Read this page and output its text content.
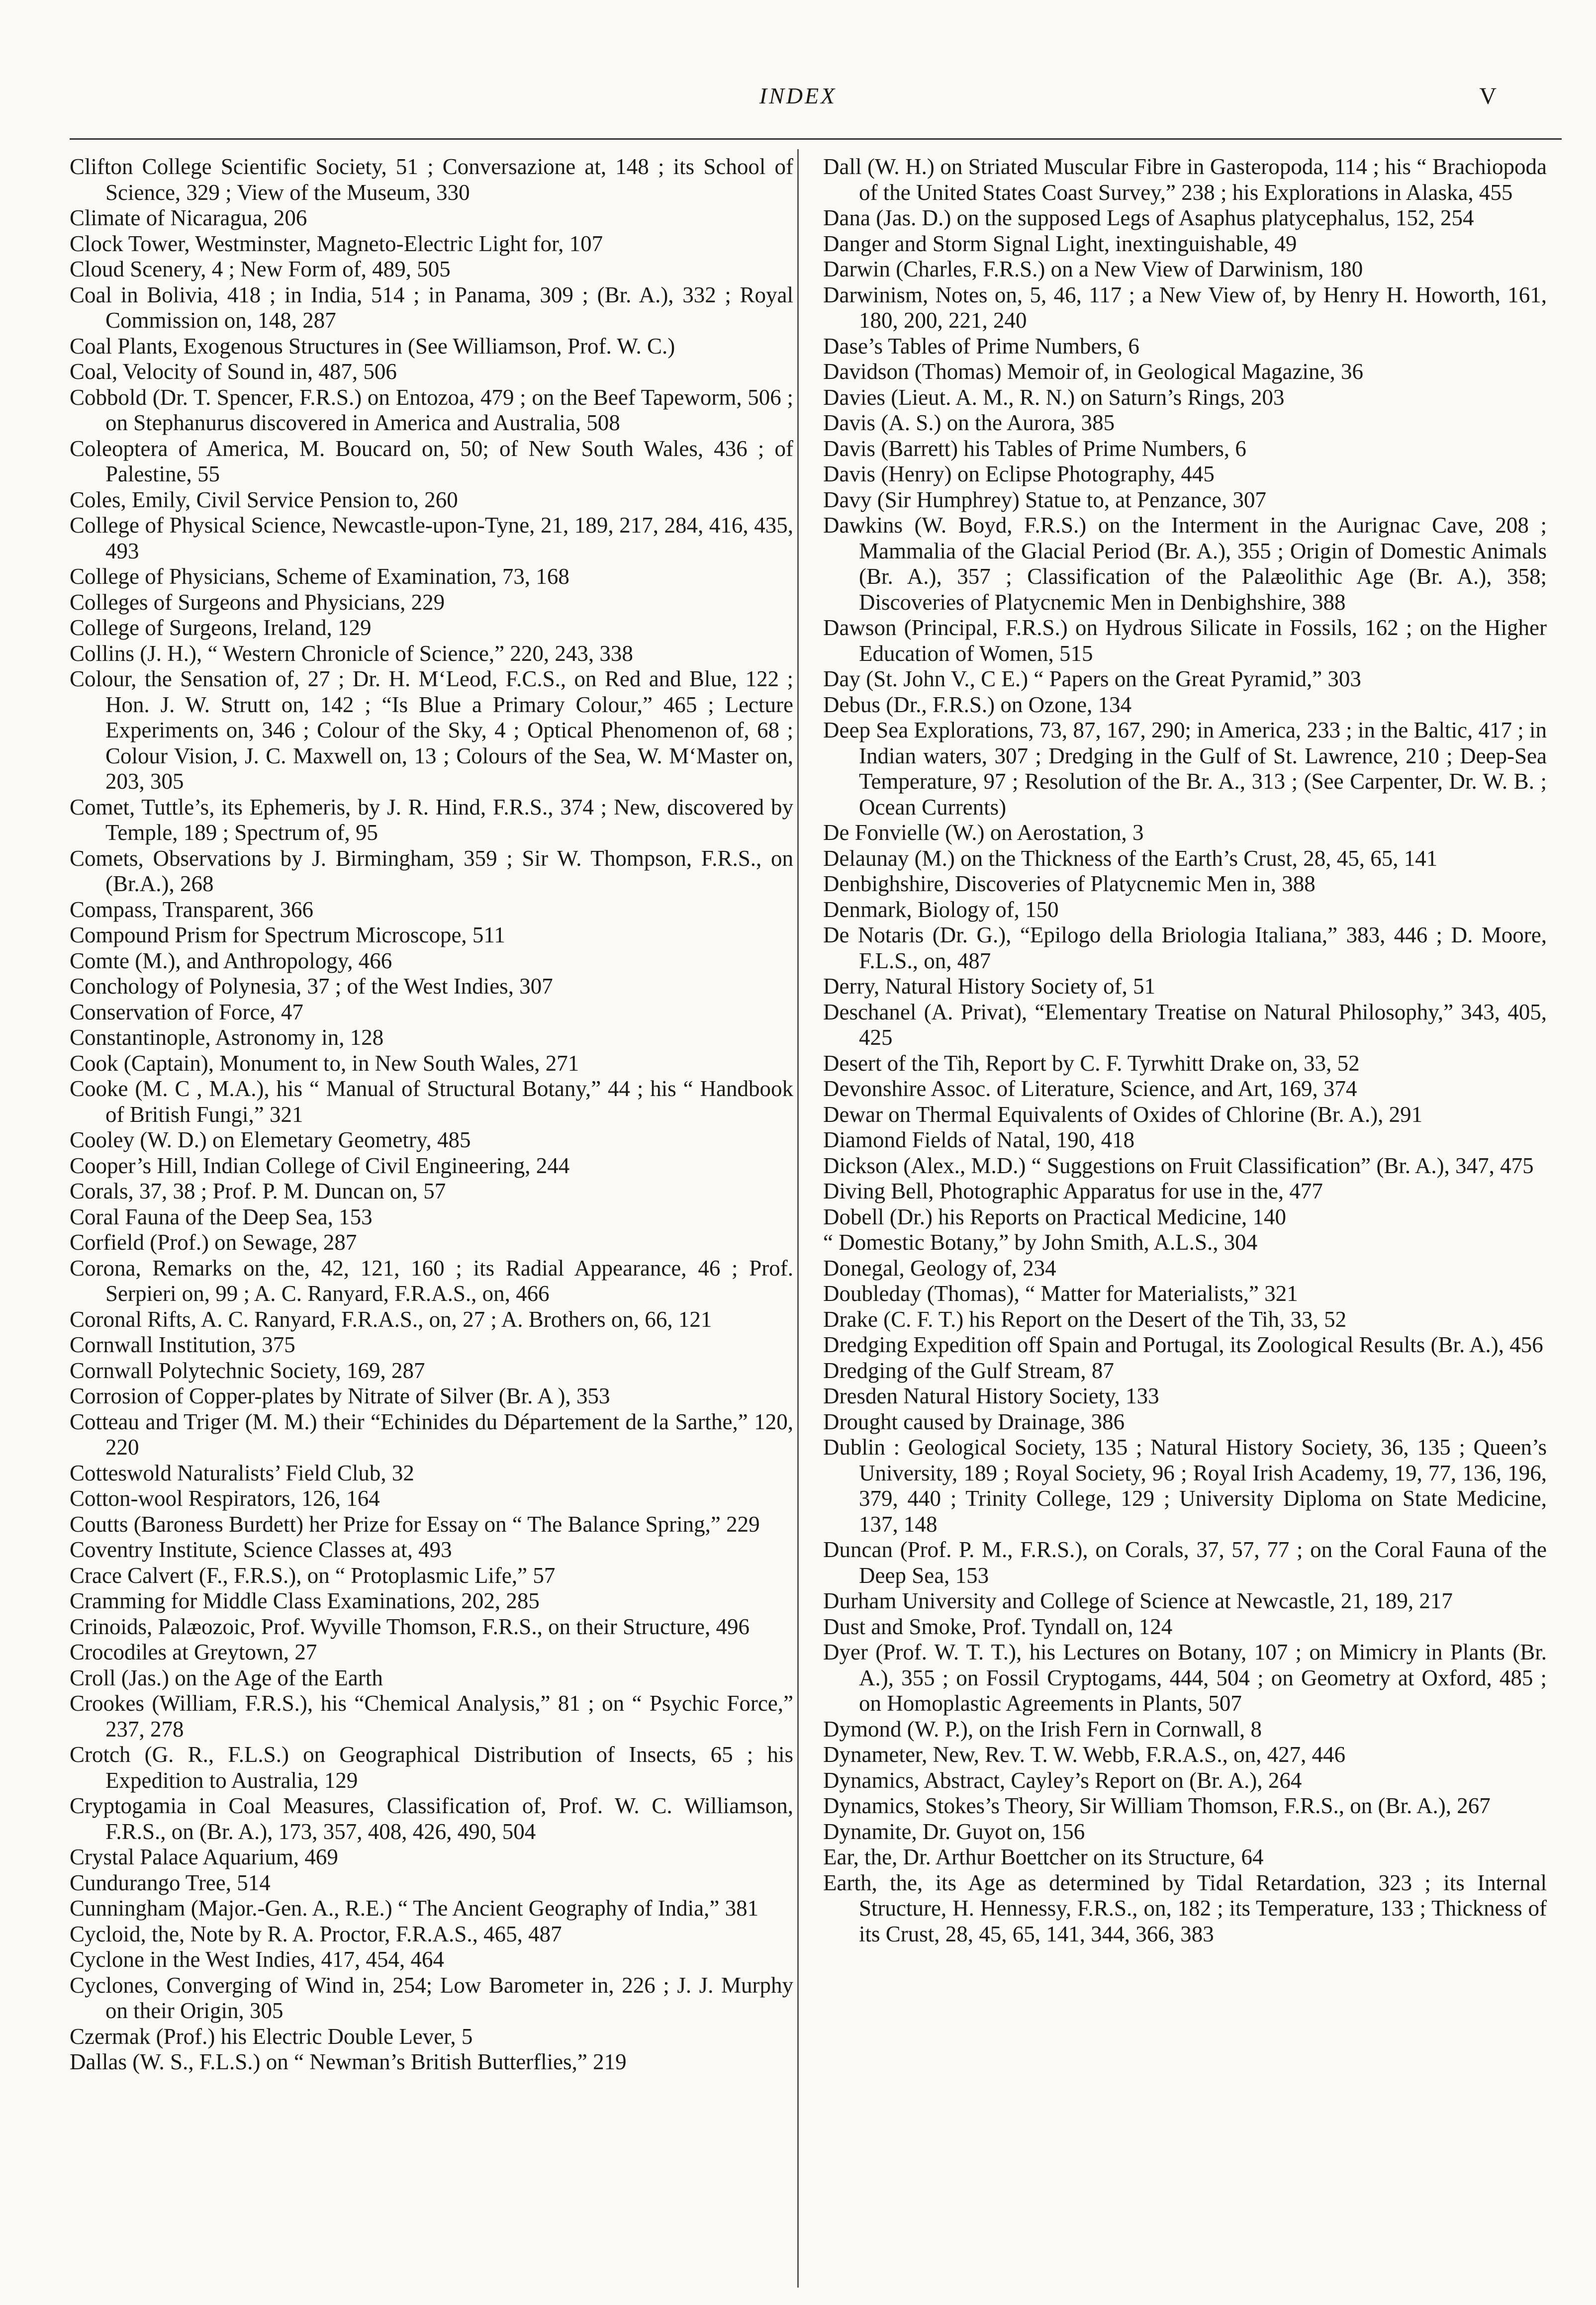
INDEX	V

Clifton College Scientific Society, 51 ; Conversazione at, 148 ; its School of Science, 329 ; View of the Museum, 330

Climate of Nicaragua, 206

Clock Tower, Westminster, Magneto-Electric Light for, 107

Cloud Scenery, 4 ; New Form of, 489, 505

Coal in Bolivia, 418 ; in India, 514 ; in Panama, 309 ; (Br. A.), 332 ; Royal Commission on, 148, 287

Coal Plants, Exogenous Structures in (See Williamson, Prof. W. C.)

Coal, Velocity of Sound in, 487, 506

Cobbold (Dr. T. Spencer, F.R.S.) on Entozoa, 479 ; on the Beef Tapeworm, 506 ; on Stephanurus discovered in America and Australia, 508

Coleoptera of America, M. Boucard on, 50; of New South Wales, 436 ; of Palestine, 55

Coles, Emily, Civil Service Pension to, 260

College of Physical Science, Newcastle-upon-Tyne, 21, 189, 217, 284, 416, 435, 493

College of Physicians, Scheme of Examination, 73, 168

Colleges of Surgeons and Physicians, 229

College of Surgeons, Ireland, 129

Collins (J. H.), “ Western Chronicle of Science,” 220, 243, 338

Colour, the Sensation of, 27 ; Dr. H. M‘Leod, F.C.S., on Red and Blue, 122 ; Hon. J. W. Strutt on, 142 ; “Is Blue a Primary Colour,” 465 ; Lecture Experiments on, 346 ; Colour of the Sky, 4 ; Optical Phenomenon of, 68 ; Colour Vision, J. C. Maxwell on, 13 ; Colours of the Sea, W. M‘Master on, 203, 305

Comet, Tuttle’s, its Ephemeris, by J. R. Hind, F.R.S., 374 ; New, discovered by Temple, 189 ; Spectrum of, 95

Comets, Observations by J. Birmingham, 359 ; Sir W. Thompson, F.R.S., on (Br.A.), 268

Compass, Transparent, 366

Compound Prism for Spectrum Microscope, 511

Comte (M.), and Anthropology, 466

Conchology of Polynesia, 37 ; of the West Indies, 307

Conservation of Force, 47

Constantinople, Astronomy in, 128

Cook (Captain), Monument to, in New South Wales, 271

Cooke (M. C , M.A.), his “ Manual of Structural Botany,” 44 ; his “ Handbook of British Fungi,” 321

Cooley (W. D.) on Elemetary Geometry, 485

Cooper’s Hill, Indian College of Civil Engineering, 244

Corals, 37, 38 ; Prof. P. M. Duncan on, 57

Coral Fauna of the Deep Sea, 153

Corfield (Prof.) on Sewage, 287

Corona, Remarks on the, 42, 121, 160 ; its Radial Appearance, 46 ; Prof. Serpieri on, 99 ; A. C. Ranyard, F.R.A.S., on, 466

Coronal Rifts, A. C. Ranyard, F.R.A.S., on, 27 ; A. Brothers on, 66, 121

Cornwall Institution, 375

Cornwall Polytechnic Society, 169, 287

Corrosion of Copper-plates by Nitrate of Silver (Br. A ), 353

Cotteau and Triger (M. M.) their “Echinides du Département de la Sarthe,” 120, 220

Cotteswold Naturalists’ Field Club, 32

Cotton-wool Respirators, 126, 164

Coutts (Baroness Burdett) her Prize for Essay on “ The Balance Spring,” 229

Coventry Institute, Science Classes at, 493

Crace Calvert (F., F.R.S.), on “ Protoplasmic Life,” 57

Cramming for Middle Class Examinations, 202, 285

Crinoids, Palæozoic, Prof. Wyville Thomson, F.R.S., on their Structure, 496

Crocodiles at Greytown, 27

Croll (Jas.) on the Age of the Earth

Crookes (William, F.R.S.), his “Chemical Analysis,” 81 ; on “ Psychic Force,” 237, 278

Crotch (G. R., F.L.S.) on Geographical Distribution of Insects, 65 ; his Expedition to Australia, 129

Cryptogamia in Coal Measures, Classification of, Prof. W. C. Williamson, F.R.S., on (Br. A.), 173, 357, 408, 426, 490, 504

Crystal Palace Aquarium, 469

Cundurango Tree, 514

Cunningham (Major.-Gen. A., R.E.) “ The Ancient Geography of India,” 381

Cycloid, the, Note by R. A. Proctor, F.R.A.S., 465, 487

Cyclone in the West Indies, 417, 454, 464

Cyclones, Converging of Wind in, 254; Low Barometer in, 226 ; J. J. Murphy on their Origin, 305

Czermak (Prof.) his Electric Double Lever, 5

Dallas (W. S., F.L.S.) on “ Newman’s British Butterflies,” 219

Dall (W. H.) on Striated Muscular Fibre in Gasteropoda, 114 ; his “ Brachiopoda of the United States Coast Survey,” 238 ; his Explorations in Alaska, 455

Dana (Jas. D.) on the supposed Legs of Asaphus platycephalus, 152, 254

Danger and Storm Signal Light, inextinguishable, 49

Darwin (Charles, F.R.S.) on a New View of Darwinism, 180

Darwinism, Notes on, 5, 46, 117 ; a New View of, by Henry H. Howorth, 161, 180, 200, 221, 240

Dase’s Tables of Prime Numbers, 6

Davidson (Thomas) Memoir of, in Geological Magazine, 36

Davies (Lieut. A. M., R. N.) on Saturn’s Rings, 203

Davis (A. S.) on the Aurora, 385

Davis (Barrett) his Tables of Prime Numbers, 6

Davis (Henry) on Eclipse Photography, 445

Davy (Sir Humphrey) Statue to, at Penzance, 307

Dawkins (W. Boyd, F.R.S.) on the Interment in the Aurignac Cave, 208 ; Mammalia of the Glacial Period (Br. A.), 355 ; Origin of Domestic Animals (Br. A.), 357 ; Classification of the Palæolithic Age (Br. A.), 358; Discoveries of Platycnemic Men in Denbighshire, 388

Dawson (Principal, F.R.S.) on Hydrous Silicate in Fossils, 162 ; on the Higher Education of Women, 515

Day (St. John V., C E.) “ Papers on the Great Pyramid,” 303

Debus (Dr., F.R.S.) on Ozone, 134

Deep Sea Explorations, 73, 87, 167, 290; in America, 233 ; in the Baltic, 417 ; in Indian waters, 307 ; Dredging in the Gulf of St. Lawrence, 210 ; Deep-Sea Temperature, 97 ; Resolution of the Br. A., 313 ; (See Carpenter, Dr. W. B. ; Ocean Currents)

De Fonvielle (W.) on Aerostation, 3

Delaunay (M.) on the Thickness of the Earth’s Crust, 28, 45, 65, 141

Denbighshire, Discoveries of Platycnemic Men in, 388

Denmark, Biology of, 150

De Notaris (Dr. G.), “Epilogo della Briologia Italiana,” 383, 446 ; D. Moore, F.L.S., on, 487

Derry, Natural History Society of, 51

Deschanel (A. Privat), “Elementary Treatise on Natural Philosophy,” 343, 405, 425

Desert of the Tih, Report by C. F. Tyrwhitt Drake on, 33, 52

Devonshire Assoc. of Literature, Science, and Art, 169, 374

Dewar on Thermal Equivalents of Oxides of Chlorine (Br. A.), 291

Diamond Fields of Natal, 190, 418

Dickson (Alex., M.D.) “ Suggestions on Fruit Classification” (Br. A.), 347, 475

Diving Bell, Photographic Apparatus for use in the, 477

Dobell (Dr.) his Reports on Practical Medicine, 140

“ Domestic Botany,” by John Smith, A.L.S., 304

Donegal, Geology of, 234

Doubleday (Thomas), “ Matter for Materialists,” 321

Drake (C. F. T.) his Report on the Desert of the Tih, 33, 52

Dredging Expedition off Spain and Portugal, its Zoological Results (Br. A.), 456

Dredging of the Gulf Stream, 87

Dresden Natural History Society, 133

Drought caused by Drainage, 386

Dublin : Geological Society, 135 ; Natural History Society, 36, 135 ; Queen’s University, 189 ; Royal Society, 96 ; Royal Irish Academy, 19, 77, 136, 196, 379, 440 ; Trinity College, 129 ; University Diploma on State Medicine, 137, 148

Duncan (Prof. P. M., F.R.S.), on Corals, 37, 57, 77 ; on the Coral Fauna of the Deep Sea, 153

Durham University and College of Science at Newcastle, 21, 189, 217

Dust and Smoke, Prof. Tyndall on, 124

Dyer (Prof. W. T. T.), his Lectures on Botany, 107 ; on Mimicry in Plants (Br. A.), 355 ; on Fossil Cryptogams, 444, 504 ; on Geometry at Oxford, 485 ; on Homoplastic Agreements in Plants, 507

Dymond (W. P.), on the Irish Fern in Cornwall, 8

Dynameter, New, Rev. T. W. Webb, F.R.A.S., on, 427, 446

Dynamics, Abstract, Cayley’s Report on (Br. A.), 264

Dynamics, Stokes’s Theory, Sir William Thomson, F.R.S., on (Br. A.), 267

Dynamite, Dr. Guyot on, 156

Ear, the, Dr. Arthur Boettcher on its Structure, 64

Earth, the, its Age as determined by Tidal Retardation, 323 ; its Internal Structure, H. Hennessy, F.R.S., on, 182 ; its Temperature, 133 ; Thickness of its Crust, 28, 45, 65, 141, 344, 366, 383
